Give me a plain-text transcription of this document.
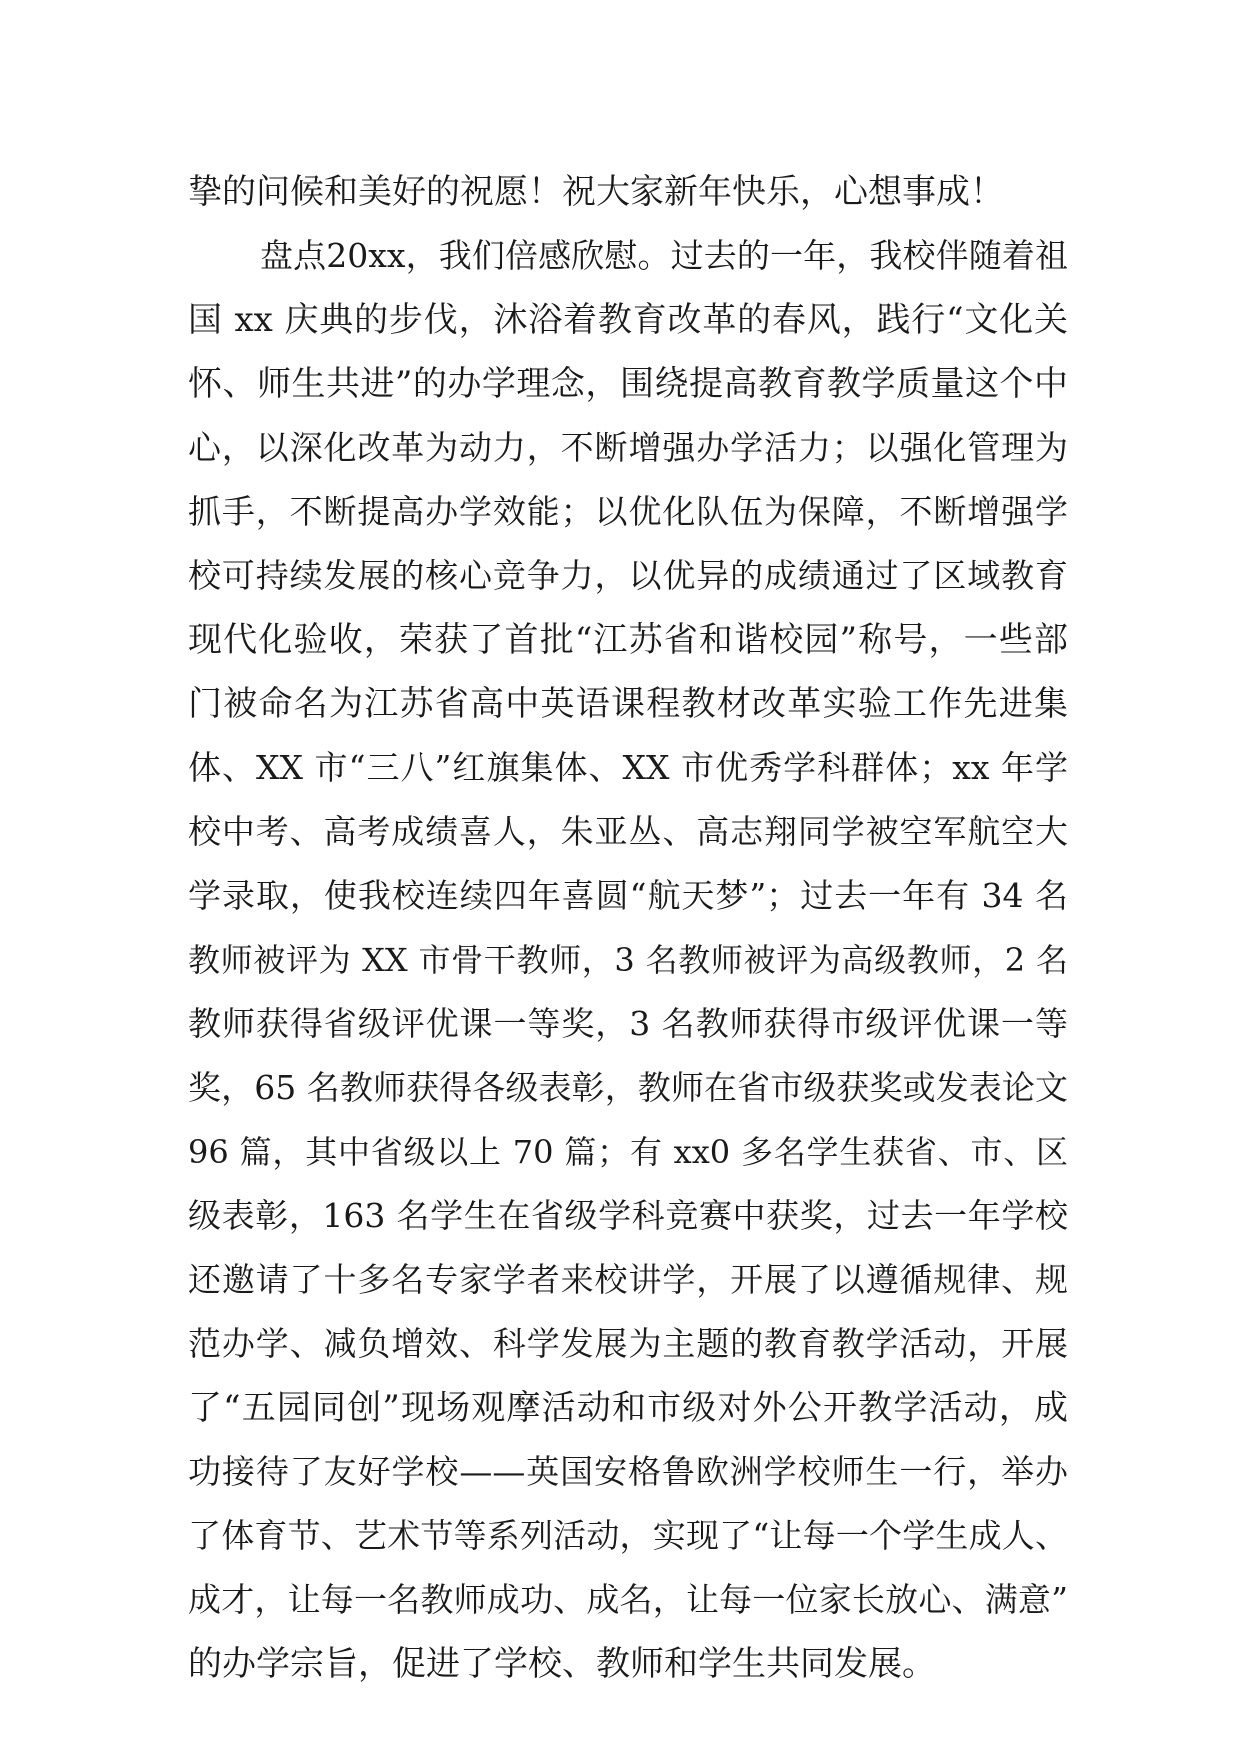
挚的问候和美好的祝愿！祝大家新年快乐，心想事成！
盘点20xx，我们倍感欣慰。过去的一年，我校伴随着祖
国 xx 庆典的步伐，沐浴着教育改革的春风，践行“文化关
怀、师生共进”的办学理念，围绕提高教育教学质量这个中
心，以深化改革为动力，不断增强办学活力；以强化管理为
抓手，不断提高办学效能；以优化队伍为保障，不断增强学
校可持续发展的核心竞争力，以优异的成绩通过了区域教育
现代化验收，荣获了首批“江苏省和谐校园”称号，一些部
门被命名为江苏省高中英语课程教材改革实验工作先进集
体、XX 市“三八”红旗集体、XX 市优秀学科群体；xx 年学
校中考、高考成绩喜人，朱亚丛、高志翔同学被空军航空大
学录取，使我校连续四年喜圆“航天梦”；过去一年有 34 名
教师被评为 XX 市骨干教师，3 名教师被评为高级教师，2 名
教师获得省级评优课一等奖，3 名教师获得市级评优课一等
奖，65 名教师获得各级表彰，教师在省市级获奖或发表论文
96 篇，其中省级以上 70 篇；有 xx0 多名学生获省、市、区
级表彰，163 名学生在省级学科竞赛中获奖，过去一年学校
还邀请了十多名专家学者来校讲学，开展了以遵循规律、规
范办学、减负增效、科学发展为主题的教育教学活动，开展
了“五园同创”现场观摩活动和市级对外公开教学活动，成
功接待了友好学校——英国安格鲁欧洲学校师生一行，举办
了体育节、艺术节等系列活动，实现了“让每一个学生成人、
成才，让每一名教师成功、成名，让每一位家长放心、满意”
的办学宗旨，促进了学校、教师和学生共同发展。
